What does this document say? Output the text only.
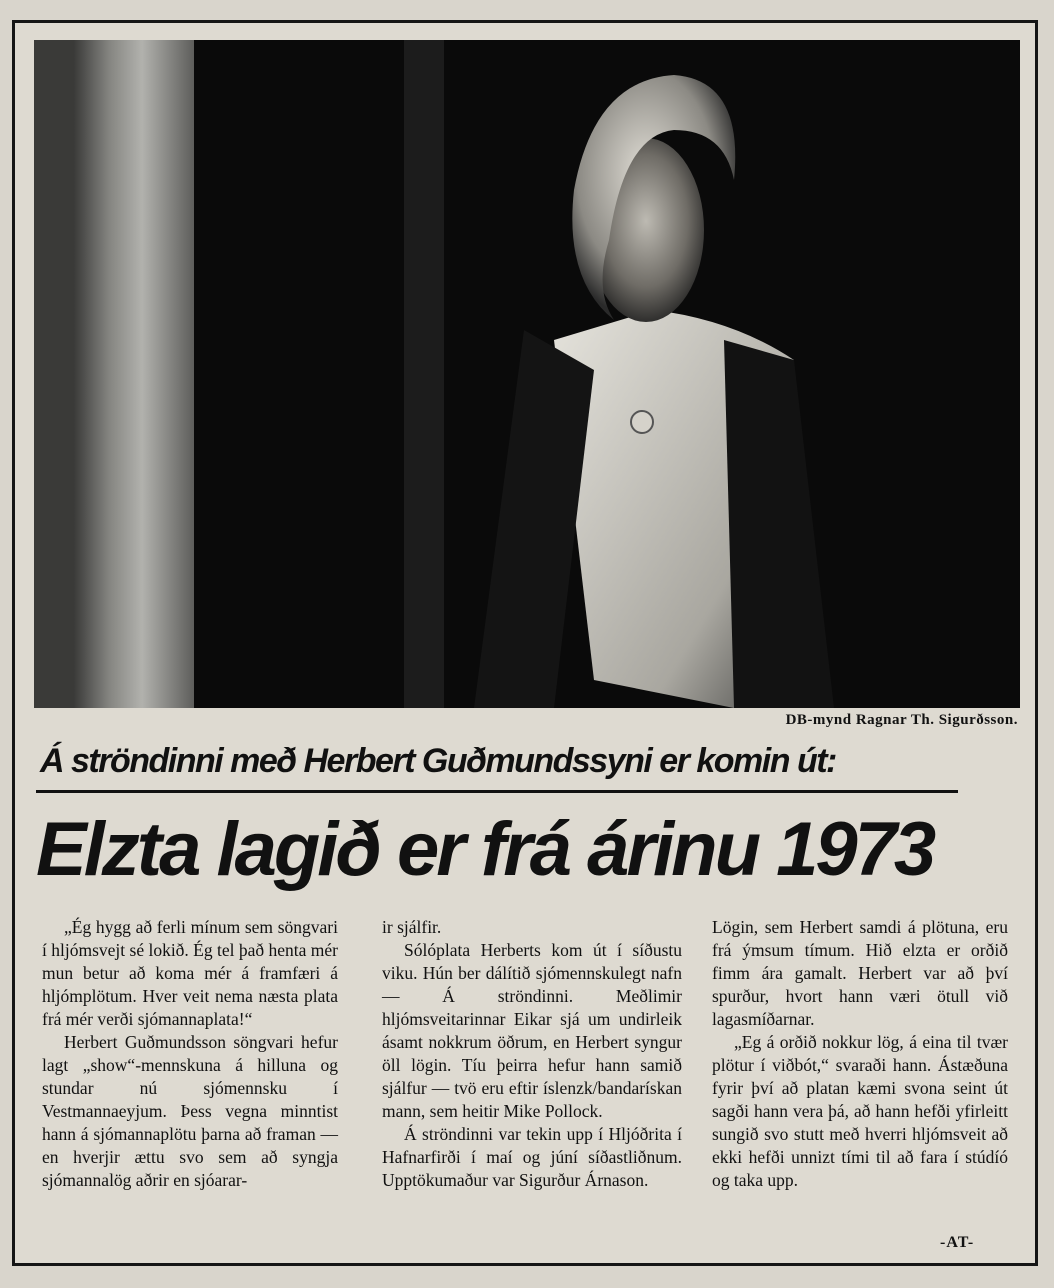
DB-mynd Ragnar Th. Sigurðsson.
Á ströndinni með Herbert Guðmundssyni er komin út:
Elzta lagið er frá árinu 1973

„Ég hygg að ferli mínum sem söngvari í hljómsvejt sé lokið. Ég tel það henta mér mun betur að koma mér á framfæri á hljómplötum. Hver veit nema næsta plata frá mér verði sjómannaplata!“

Herbert Guðmundsson söngvari hefur lagt „show“-mennskuna á hilluna og stundar nú sjómennsku í Vestmannaeyjum. Þess vegna minntist hann á sjómannaplötu þarna að framan — en hverjir ættu svo sem að syngja sjómannalög aðrir en sjóarar-

ir sjálfir.

Sólóplata Herberts kom út í síðustu viku. Hún ber dálítið sjómennskulegt nafn — Á ströndinni. Meðlimir hljómsveitarinnar Eikar sjá um undirleik ásamt nokkrum öðrum, en Herbert syngur öll lögin. Tíu þeirra hefur hann samið sjálfur — tvö eru eftir íslenzk/bandarískan mann, sem heitir Mike Pollock.

Á ströndinni var tekin upp í Hljóðrita í Hafnarfirði í maí og júní síðastliðnum. Upptökumaður var Sigurður Árnason.

Lögin, sem Herbert samdi á plötuna, eru frá ýmsum tímum. Hið elzta er orðið fimm ára gamalt. Herbert var að því spurður, hvort hann væri ötull við lagasmíðarnar.

„Eg á orðið nokkur lög, á eina til tvær plötur í viðbót,“ svaraði hann. Ástæðuna fyrir því að platan kæmi svona seint út sagði hann vera þá, að hann hefði yfirleitt sungið svo stutt með hverri hljómsveit að ekki hefði unnizt tími til að fara í stúdíó og taka upp.

-AT-
